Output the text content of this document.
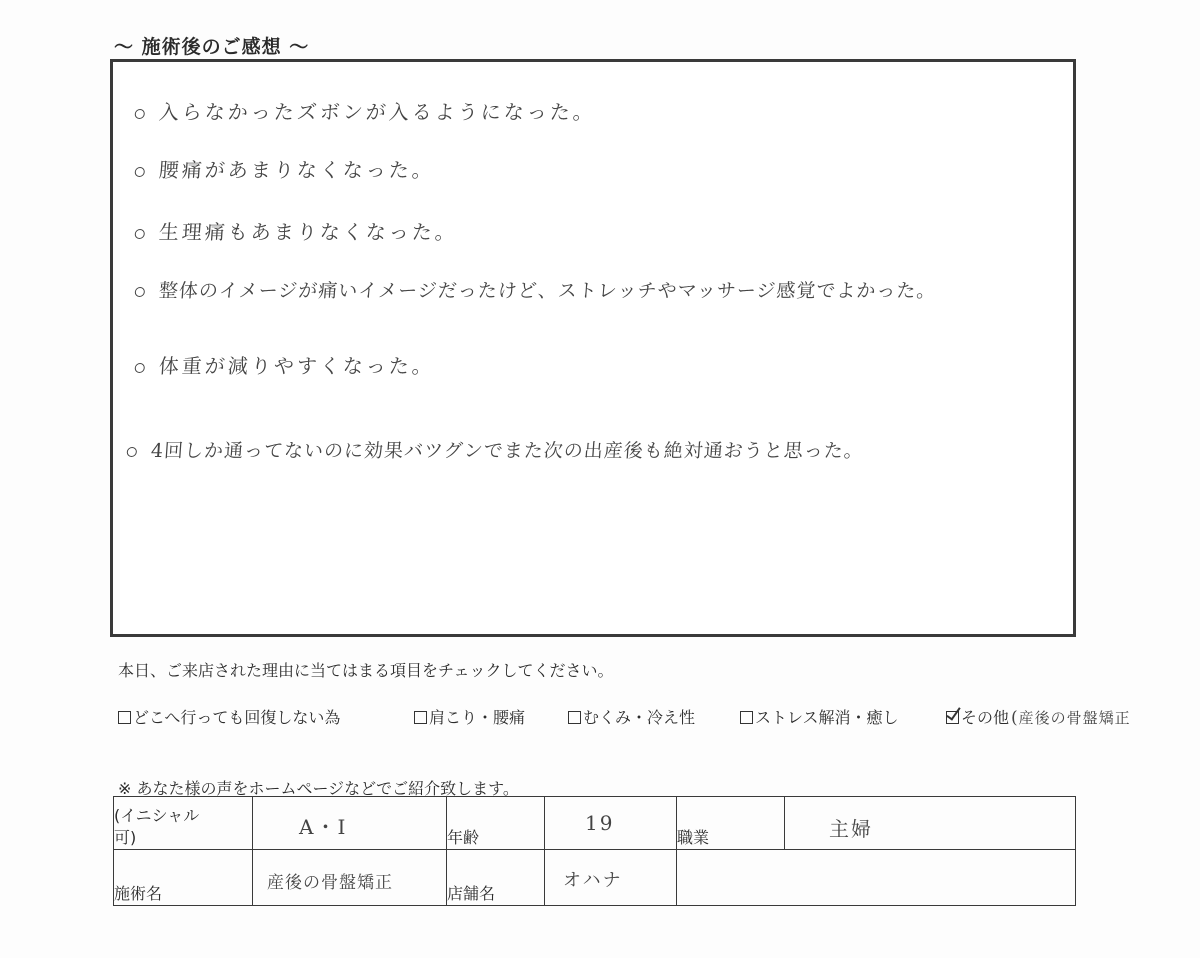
～ 施術後のご感想 ～
入らなかったズボンが入るようになった。
腰痛があまりなくなった。
生理痛もあまりなくなった。
整体のイメージが痛いイメージだったけど、ストレッチやマッサージ感覚でよかった。
体重が減りやすくなった。
4回しか通ってないのに効果バツグンでまた次の出産後も絶対通おうと思った。
本日、ご来店された理由に当てはまる項目をチェックしてください。
どこへ行っても回復しない為	肩こり・腰痛	むくみ・冷え性	ストレス解消・癒し	その他 ( 産後の骨盤矯正
※ あなた様の声をホームページなどでご紹介致します。
(イニシャル
可)	A・I	年齢	19	職業	主婦

施術名	産後の骨盤矯正	店舗名	オハナ		
